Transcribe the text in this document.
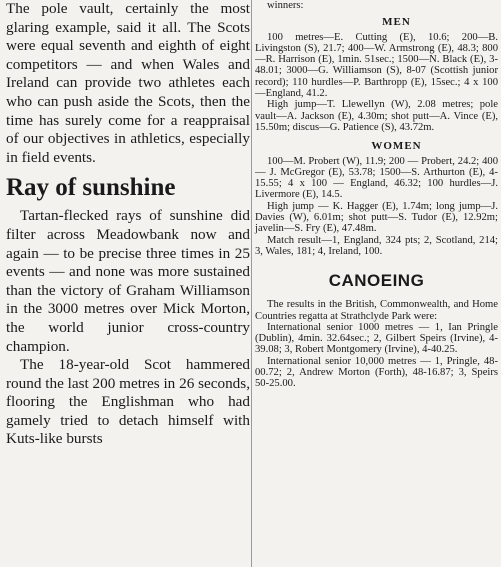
The pole vault, certainly the most glaring example, said it all. The Scots were equal seventh and eighth of eight competitors — and when Wales and Ireland can provide two athletes each who can push aside the Scots, then the time has surely come for a reappraisal of our objectives in athletics, especially in field events.

Ray of sunshine

Tartan-flecked rays of sunshine did filter across Meadowbank now and again — to be precise three times in 25 events — and none was more sustained than the victory of Graham Williamson in the 3000 metres over Mick Morton, the world junior cross-country champion.

The 18-year-old Scot hammered round the last 200 metres in 26 seconds, flooring the Englishman who had gamely tried to detach himself with Kuts-like bursts

winners:

MEN

100 metres—E. Cutting (E), 10.6; 200—B. Livingston (S), 21.7; 400—W. Armstrong (E), 48.3; 800—R. Harrison (E), 1min. 51sec.; 1500—N. Black (E), 3-48.01; 3000—G. Williamson (S), 8-07 (Scottish junior record); 110 hurdles—P. Barthropp (E), 15sec.; 4 x 100—England, 41.2.

High jump—T. Llewellyn (W), 2.08 metres; pole vault—A. Jackson (E), 4.30m; shot putt—A. Vince (E), 15.50m; discus—G. Patience (S), 43.72m.

WOMEN

100—M. Probert (W), 11.9; 200 — Probert, 24.2; 400 — J. McGregor (E), 53.78; 1500—S. Arthurton (E), 4-15.55; 4 x 100 — England, 46.32; 100 hurdles—J. Livermore (E), 14.5.

High jump — K. Hagger (E), 1.74m; long jump—J. Davies (W), 6.01m; shot putt—S. Tudor (E), 12.92m; javelin—S. Fry (E), 47.48m.

Match result—1, England, 324 pts; 2, Scotland, 214; 3, Wales, 181; 4, Ireland, 100.

CANOEING

The results in the British, Commonwealth, and Home Countries regatta at Strathclyde Park were:

International senior 1000 metres — 1, Ian Pringle (Dublin), 4min. 32.64sec.; 2, Gilbert Speirs (Irvine), 4-39.08; 3, Robert Montgomery (Irvine), 4-40.25.

International senior 10,000 metres — 1, Pringle, 48-00.72; 2, Andrew Morton (Forth), 48-16.87; 3, Speirs 50-25.00.
